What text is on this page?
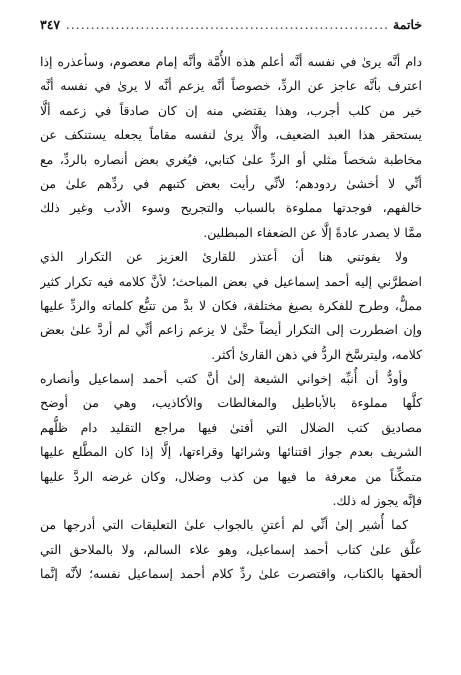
خاتمة
.....
٣٤٧
دام أنَّه يرىٰ في نفسه أنَّه أعلم هذه الأُمَّة وأنَّه إمام معصوم، وسأعذره إذا
اعترف بأنَّه عاجز عن الردِّ، خصوصاً أنَّه يزعم أنَّه لا يرىٰ في نفسه أنَّه
خير من كلب أجرب، وهذا يقتضي منه إن كان صادقاً في زعمه ألَّا
يستحقر هذا العبد الضعيف، وألَّا يرىٰ لنفسه مقاماً يجعله يستنكف عن
مخاطبة شخصاً مثلي أو الردِّ علىٰ كتابي، فيُغري بعض أنصاره بالردِّ، مع
أنِّي لا أخشىٰ ردودهم؛ لأنِّي رأيت بعض كتبهم في ردِّهم علىٰ من
خالفهم، فوجدتها مملوءة بالسباب والتجريح وسوء الأدب وغير ذلك
ممَّا لا يصدر عادةً إلَّا عن الضعفاء المبطلين.
ولا يفوتني هنا أن أعتذر للقارئ العزيز عن التكرار الذي
اضطرَّني إليه أحمد إسماعيل في بعض المباحث؛ لأنَّ كلامه فيه تكرار كثير
مملٌّ، وطرح للفكرة بصيغ مختلفة، فكان لا بدَّ من تتبُّع كلماته والردِّ عليها
وإن اضطررت إلى التكرار أيضاً حتَّىٰ لا يزعم زاعم أنِّي لم أردَّ علىٰ بعض
كلامه، وليترسَّخ الردُّ في ذهن القارئ أكثر.
وأودُّ أن أُنبِّه إخواني الشيعة إلىٰ أنَّ كتب أحمد إسماعيل وأنصاره
كلَّها مملوءة بالأباطيل والمغالطات والأكاذيب، وهي من أوضح
مصاديق كتب الضلال التي أفتىٰ فيها مراجع التقليد دام ظلُّهم
الشريف بعدم جواز اقتنائها وشرائها وقراءتها، إلَّا إذا كان المطَّلع عليها
متمكِّناً من معرفة ما فيها من كذب وضلال، وكان غرضه الردَّ عليها
فإنَّه يجوز له ذلك.
كما أُشير إلىٰ أنِّي لم أعتنِ بالجواب علىٰ التعليقات التي أدرجها من
علَّق علىٰ كتاب أحمد إسماعيل، وهو علاء السالم، ولا بالملاحق التي
ألحقها بالكتاب، واقتصرت علىٰ ردِّ كلام أحمد إسماعيل نفسه؛ لأنَّه إنَّما
